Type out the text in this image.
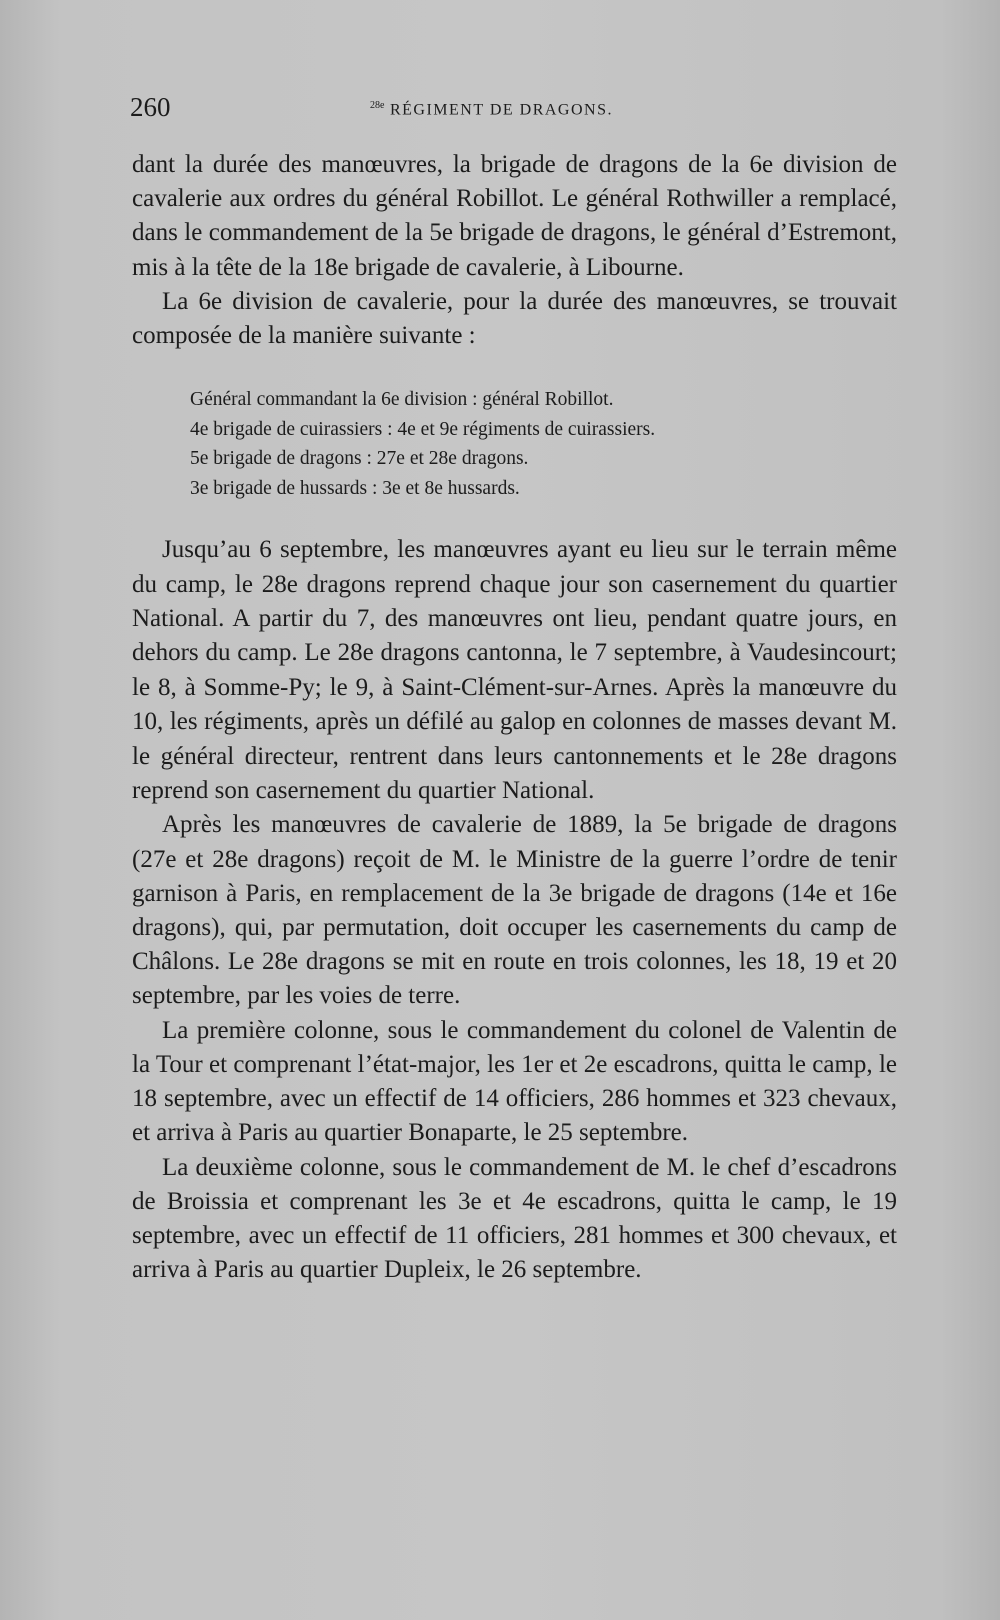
260	$^{28e}$ RÉGIMENT DE DRAGONS.

dant la durée des manœuvres, la brigade de dragons de la 6e division de cavalerie aux ordres du général Robillot. Le général Rothwiller a remplacé, dans le commandement de la 5e brigade de dragons, le général d’Estremont, mis à la tête de la 18e brigade de cavalerie, à Libourne.

La 6e division de cavalerie, pour la durée des manœuvres, se trouvait composée de la manière suivante :

Général commandant la 6e division : général Robillot.
4e brigade de cuirassiers : 4e et 9e régiments de cuirassiers.
5e brigade de dragons : 27e et 28e dragons.
3e brigade de hussards : 3e et 8e hussards.

Jusqu’au 6 septembre, les manœuvres ayant eu lieu sur le terrain même du camp, le 28e dragons reprend chaque jour son casernement du quartier National. A partir du 7, des manœuvres ont lieu, pendant quatre jours, en dehors du camp. Le 28e dragons cantonna, le 7 septembre, à Vaudesincourt; le 8, à Somme-Py; le 9, à Saint-Clément-sur-Arnes. Après la manœuvre du 10, les régiments, après un défilé au galop en colonnes de masses devant M. le général directeur, rentrent dans leurs cantonnements et le 28e dragons reprend son casernement du quartier National.

Après les manœuvres de cavalerie de 1889, la 5e brigade de dragons (27e et 28e dragons) reçoit de M. le Ministre de la guerre l’ordre de tenir garnison à Paris, en remplacement de la 3e brigade de dragons (14e et 16e dragons), qui, par permutation, doit occuper les casernements du camp de Châlons. Le 28e dragons se mit en route en trois colonnes, les 18, 19 et 20 septembre, par les voies de terre.

La première colonne, sous le commandement du colonel de Valentin de la Tour et comprenant l’état-major, les 1er et 2e escadrons, quitta le camp, le 18 septembre, avec un effectif de 14 officiers, 286 hommes et 323 chevaux, et arriva à Paris au quartier Bonaparte, le 25 septembre.

La deuxième colonne, sous le commandement de M. le chef d’escadrons de Broissia et comprenant les 3e et 4e escadrons, quitta le camp, le 19 septembre, avec un effectif de 11 officiers, 281 hommes et 300 chevaux, et arriva à Paris au quartier Dupleix, le 26 septembre.
